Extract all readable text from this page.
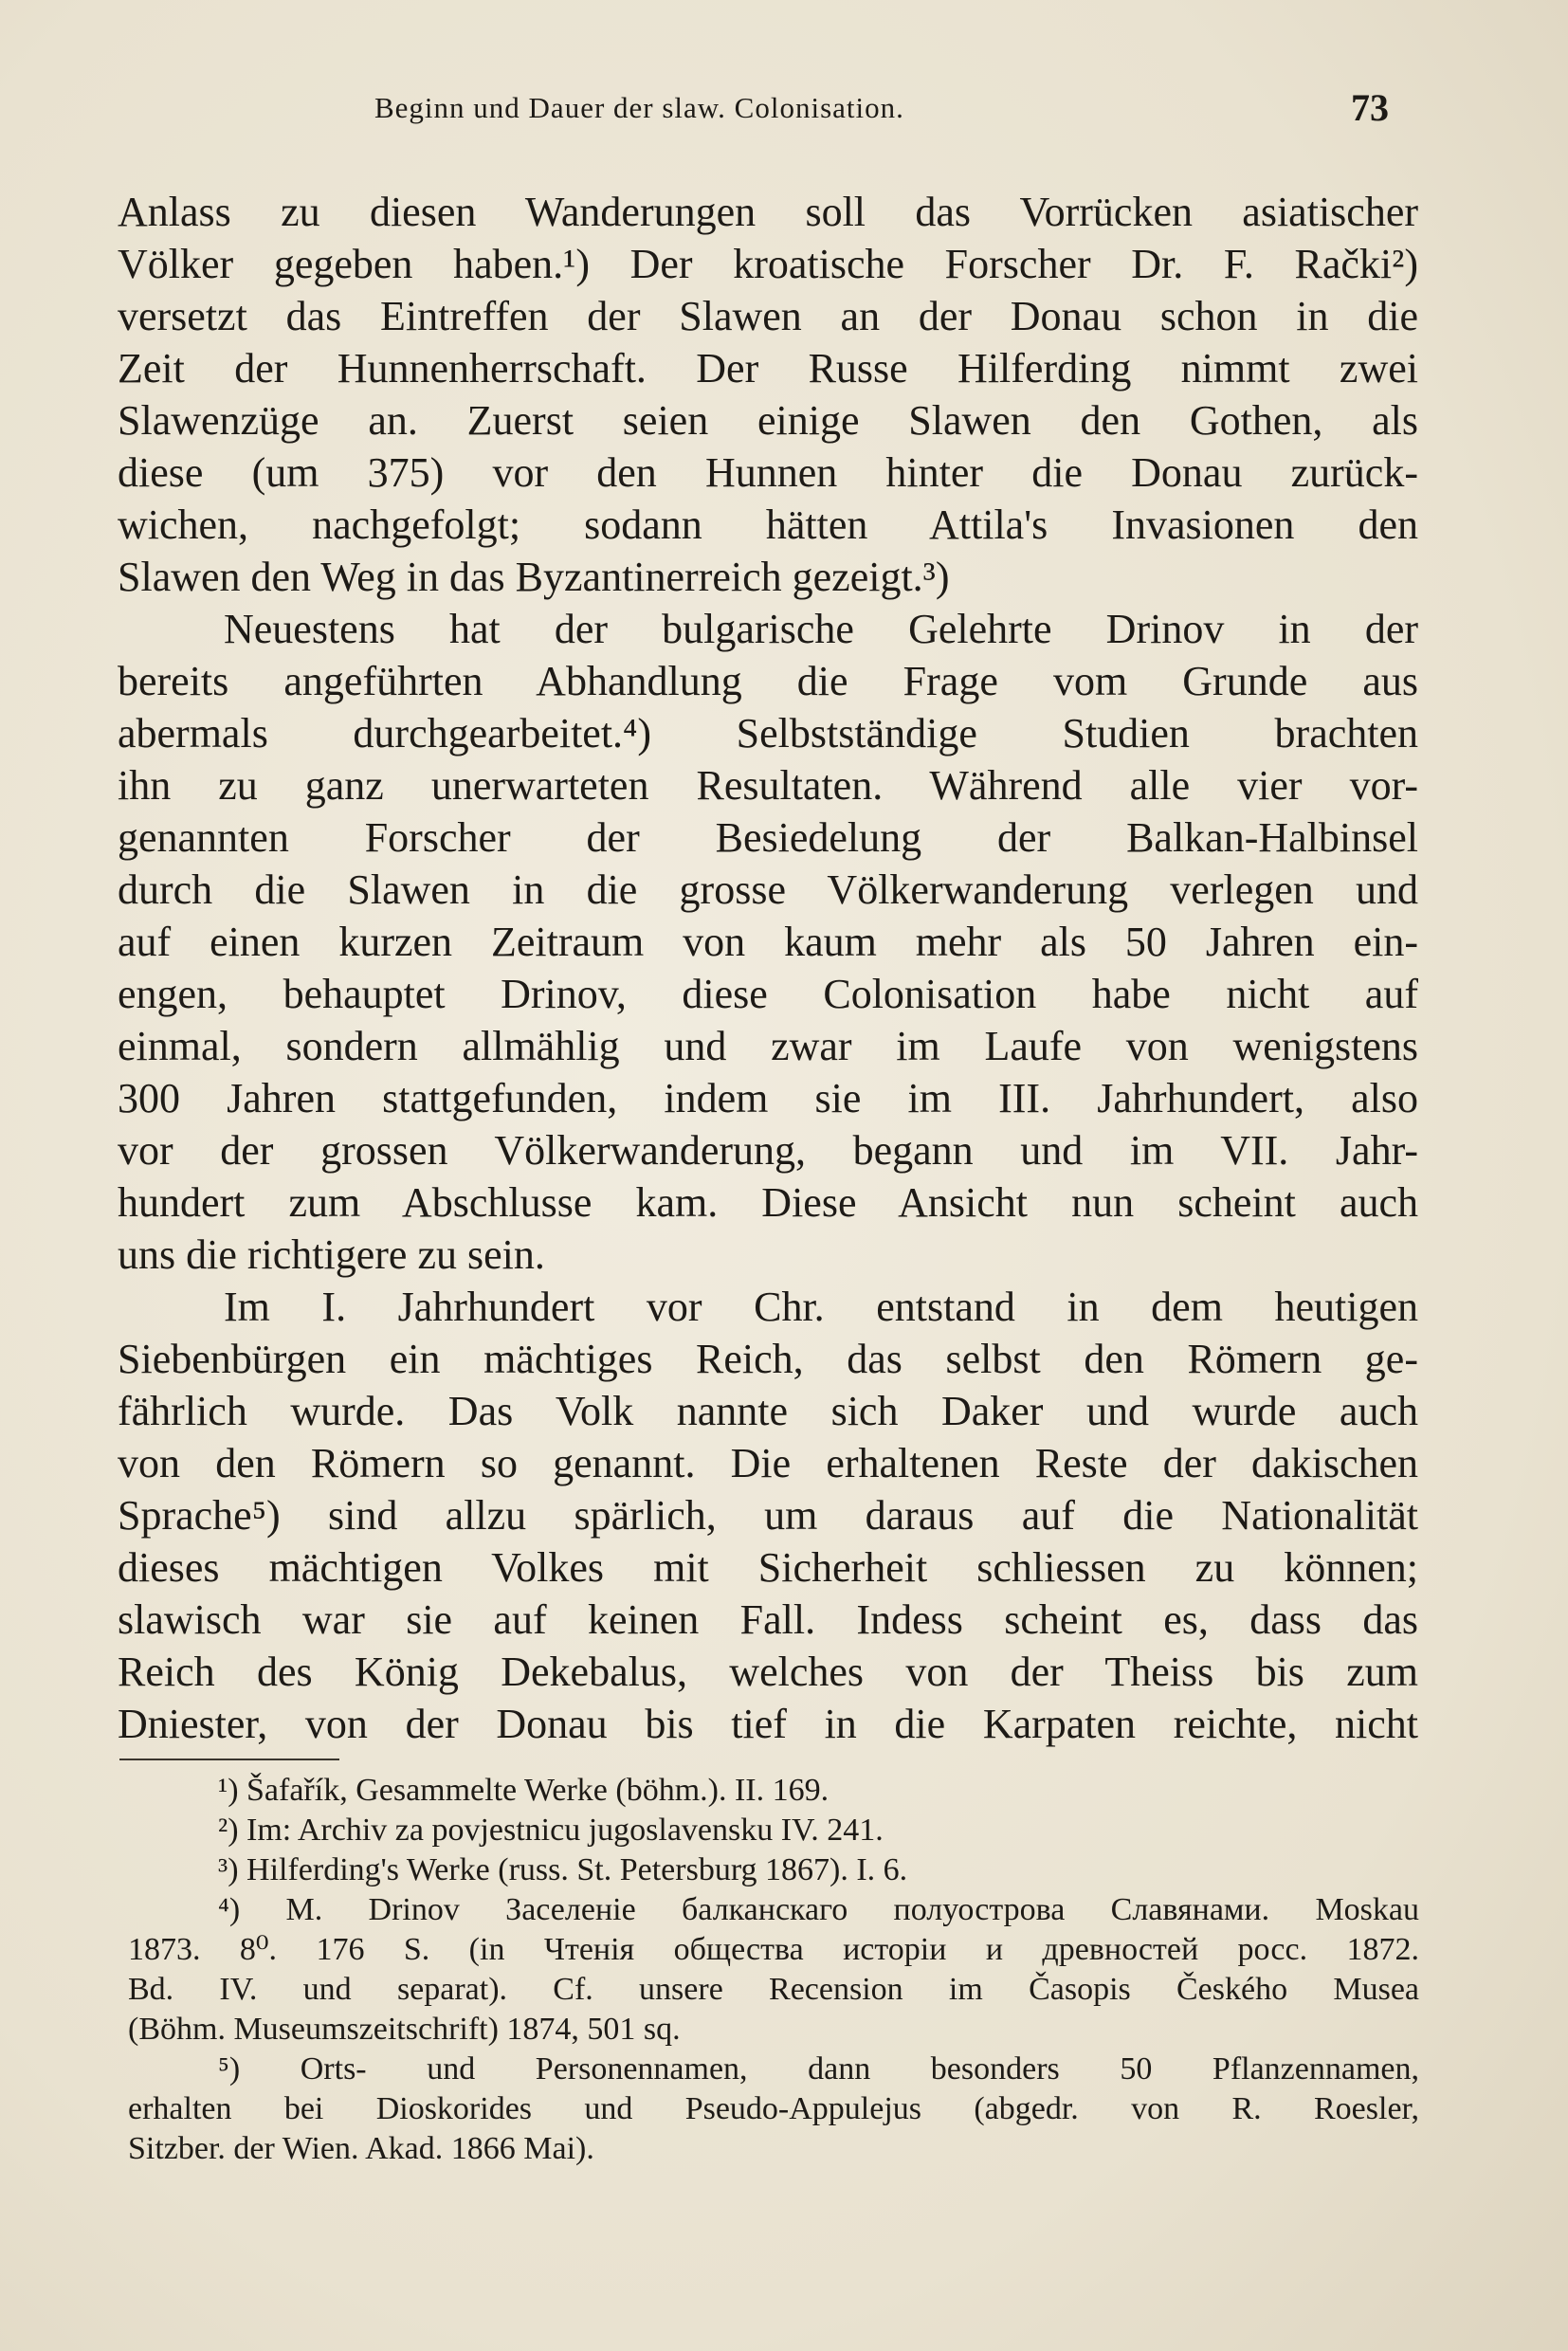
Beginn und Dauer der slaw. Colonisation.	73
Anlass zu diesen Wanderungen soll das Vorrücken asiatischer
Völker gegeben haben.¹) Der kroatische Forscher Dr. F. Rački²)
versetzt das Eintreffen der Slawen an der Donau schon in die
Zeit der Hunnenherrschaft. Der Russe Hilferding nimmt zwei
Slawenzüge an. Zuerst seien einige Slawen den Gothen, als
diese (um 375) vor den Hunnen hinter die Donau zurück-
wichen, nachgefolgt; sodann hätten Attila's Invasionen den
Slawen den Weg in das Byzantinerreich gezeigt.³)
Neuestens hat der bulgarische Gelehrte Drinov in der
bereits angeführten Abhandlung die Frage vom Grunde aus
abermals durchgearbeitet.⁴) Selbstständige Studien brachten
ihn zu ganz unerwarteten Resultaten. Während alle vier vor-
genannten Forscher der Besiedelung der Balkan-Halbinsel
durch die Slawen in die grosse Völkerwanderung verlegen und
auf einen kurzen Zeitraum von kaum mehr als 50 Jahren ein-
engen, behauptet Drinov, diese Colonisation habe nicht auf
einmal, sondern allmählig und zwar im Laufe von wenigstens
300 Jahren stattgefunden, indem sie im III. Jahrhundert, also
vor der grossen Völkerwanderung, begann und im VII. Jahr-
hundert zum Abschlusse kam. Diese Ansicht nun scheint auch
uns die richtigere zu sein.
Im I. Jahrhundert vor Chr. entstand in dem heutigen
Siebenbürgen ein mächtiges Reich, das selbst den Römern ge-
fährlich wurde. Das Volk nannte sich Daker und wurde auch
von den Römern so genannt. Die erhaltenen Reste der dakischen
Sprache⁵) sind allzu spärlich, um daraus auf die Nationalität
dieses mächtigen Volkes mit Sicherheit schliessen zu können;
slawisch war sie auf keinen Fall. Indess scheint es, dass das
Reich des König Dekebalus, welches von der Theiss bis zum
Dniester, von der Donau bis tief in die Karpaten reichte, nicht
¹) Šafařík, Gesammelte Werke (böhm.). II. 169.
²) Im: Archiv za povjestnicu jugoslavensku IV. 241.
³) Hilferding's Werke (russ. St. Petersburg 1867). I. 6.
⁴) M. Drinov Заселеніе балканскаго полуострова Славянами. Moskau
1873. 8⁰. 176 S. (in Чтенія общества исторіи и древностей росс. 1872.
Bd. IV. und separat). Cf. unsere Recension im Časopis Českého Musea
(Böhm. Museumszeitschrift) 1874, 501 sq.
⁵) Orts- und Personennamen, dann besonders 50 Pflanzennamen,
erhalten bei Dioskorides und Pseudo-Appulejus (abgedr. von R. Roesler,
Sitzber. der Wien. Akad. 1866 Mai).
